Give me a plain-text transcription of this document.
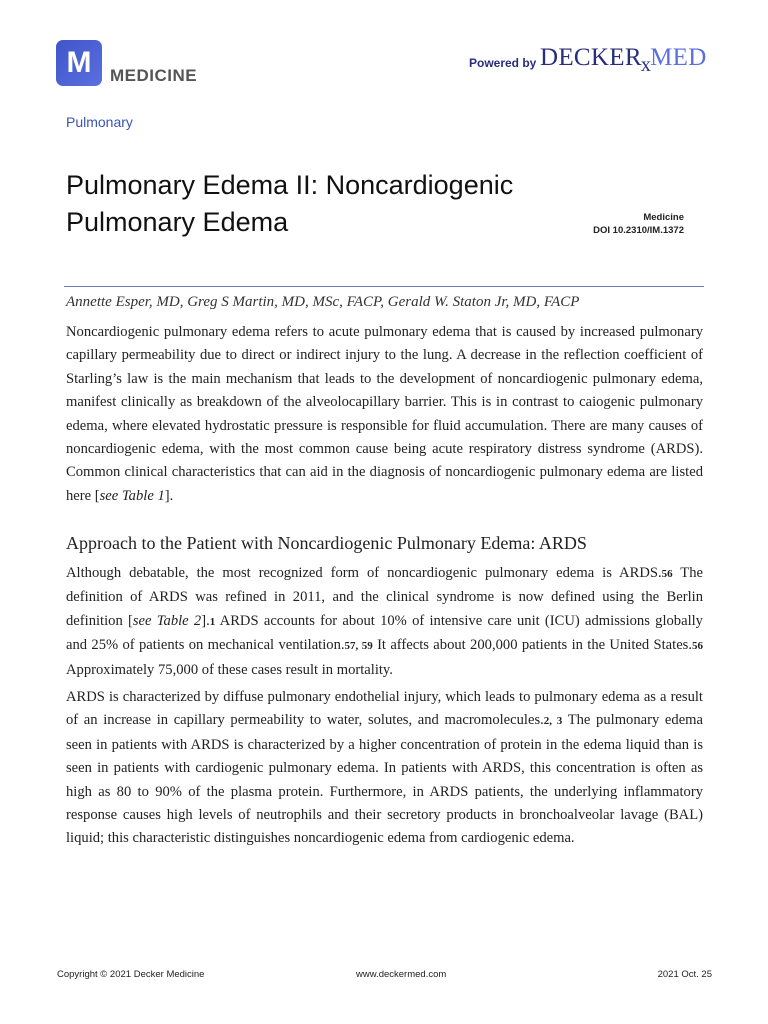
M MEDICINE
Powered by $DECKER_xMED$
Pulmonary
Pulmonary Edema II: Noncardiogenic
Pulmonary Edema	Medicine
DOI 10.2310/IM.1372
Annette Esper, MD, Greg S Martin, MD, MSc, FACP, Gerald W. Staton Jr, MD, FACP

Noncardiogenic pulmonary edema refers to acute pulmonary edema that is caused by increased pulmonary capillary permeability due to direct or indirect injury to the lung. A decrease in the reflection coefficient of Starling’s law is the main mechanism that leads to the development of noncardiogenic pulmonary edema, manifest clinically as breakdown of the alveolocapillary barrier. This is in contrast to caiogenic pulmonary edema, where elevated hydrostatic pressure is responsible for fluid accumulation. There are many causes of noncardiogenic edema, with the most common cause being acute respiratory distress syndrome (ARDS). Common clinical characteristics that can aid in the diagnosis of noncardiogenic pulmonary edema are listed here [see Table 1].

Approach to the Patient with Noncardiogenic Pulmonary Edema: ARDS

Although debatable, the most recognized form of noncardiogenic pulmonary edema is ARDS.56 The definition of ARDS was refined in 2011, and the clinical syndrome is now defined using the Berlin definition [see Table 2].1 ARDS accounts for about 10% of intensive care unit (ICU) admissions globally and 25% of patients on mechanical ventilation.57, 59 It affects about 200,000 patients in the United States.56 Approximately 75,000 of these cases result in mortality.

ARDS is characterized by diffuse pulmonary endothelial injury, which leads to pulmonary edema as a result of an increase in capillary permeability to water, solutes, and macromolecules.2, 3 The pulmonary edema seen in patients with ARDS is characterized by a higher concentration of protein in the edema liquid than is seen in patients with cardiogenic pulmonary edema. In patients with ARDS, this concentration is often as high as 80 to 90% of the plasma protein. Furthermore, in ARDS patients, the underlying inflammatory response causes high levels of neutrophils and their secretory products in bronchoalveolar lavage (BAL) liquid; this characteristic distinguishes noncardiogenic edema from cardiogenic edema.

Copyright © 2021 Decker Medicine	www.deckermed.com	2021 Oct. 25
